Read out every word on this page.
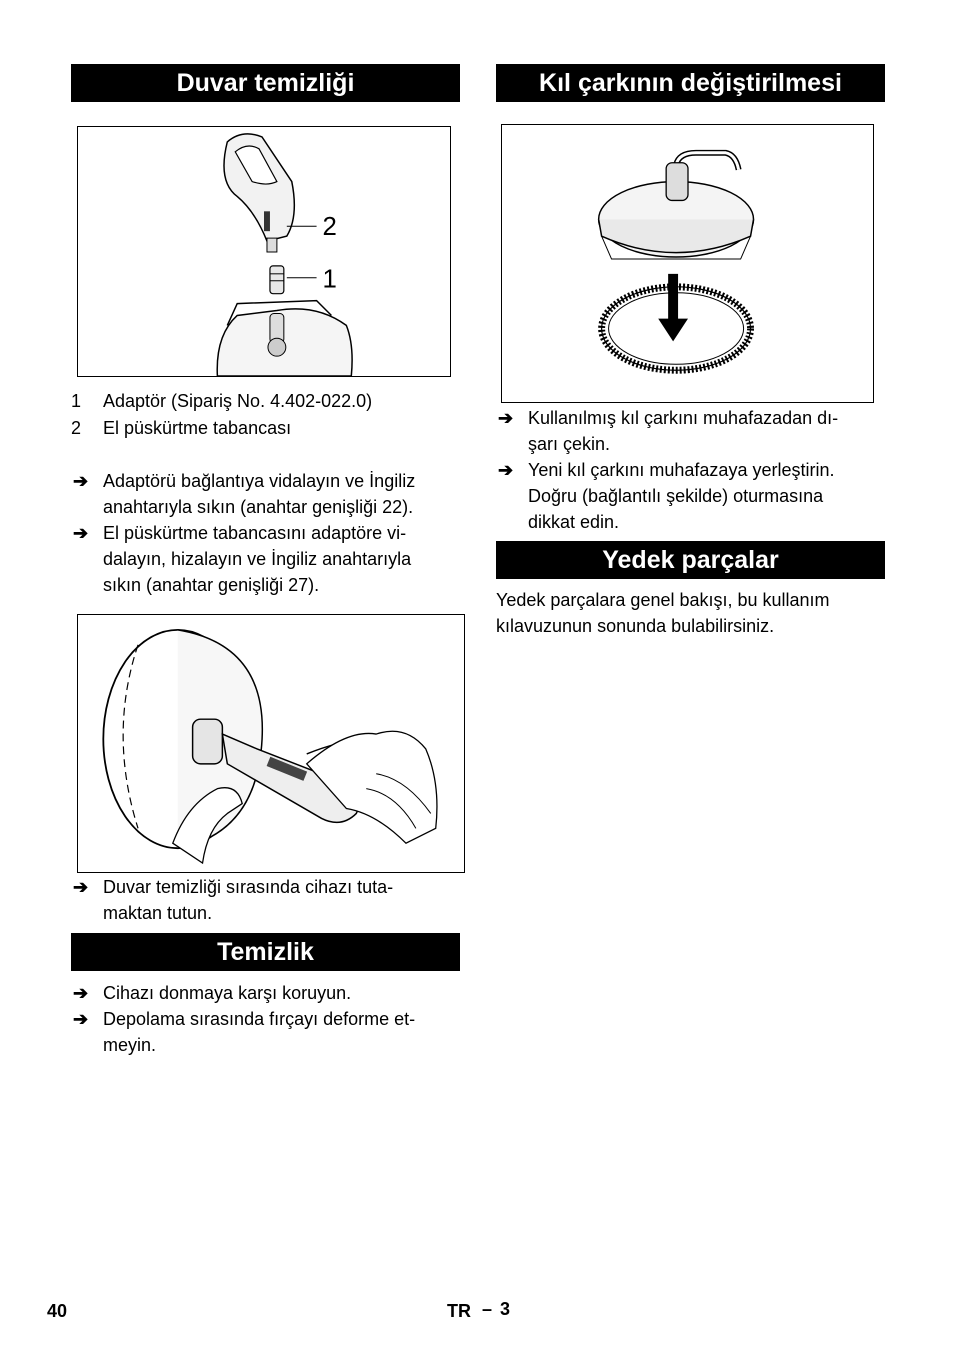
Duvar temizliği
2
1
1 Adaptör (Sipariş No. 4.402-022.0)
2 El püskürtme tabancası
➔ Adaptörü bağlantıya vidalayın ve İngiliz
anahtarıyla sıkın (anahtar genişliği 22).
➔ El püskürtme tabancasını adaptöre vi-
dalayın, hizalayın ve İngiliz anahtarıyla
sıkın (anahtar genişliği 27).
➔ Duvar temizliği sırasında cihazı tuta-
maktan tutun.
Temizlik
➔ Cihazı donmaya karşı koruyun.
➔ Depolama sırasında fırçayı deforme et-
meyin.
Kıl çarkının değiştirilmesi
➔ Kullanılmış kıl çarkını muhafazadan dı-
şarı çekin.
➔ Yeni kıl çarkını muhafazaya yerleştirin.
Doğru (bağlantılı şekilde) oturmasına
dikkat edin.
Yedek parçalar
Yedek parçalara genel bakışı, bu kullanım
kılavuzunun sonunda bulabilirsiniz.
40	TR – 3
